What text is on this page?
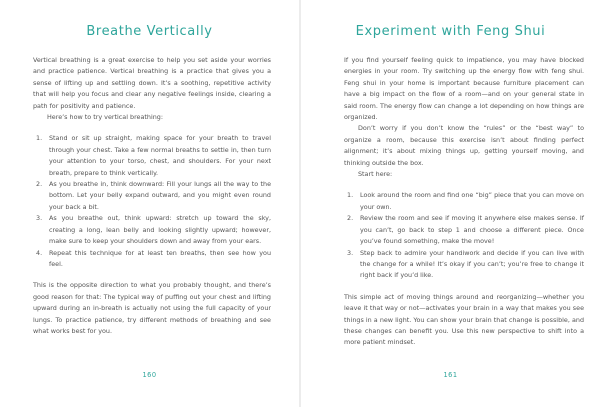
Breathe Vertically

Vertical breathing is a great exercise to help you set aside your worries and practice patience. Vertical breathing is a practice that gives you a sense of lifting up and settling down. It’s a soothing, repetitive activity that will help you focus and clear any negative feelings inside, clearing a path for positivity and patience.

Here’s how to try vertical breathing:

1. Stand or sit up straight, making space for your breath to travel through your chest. Take a few normal breaths to settle in, then turn your attention to your torso, chest, and shoulders. For your next breath, prepare to think vertically.
2. As you breathe in, think downward: Fill your lungs all the way to the bottom. Let your belly expand outward, and you might even round your back a bit.
3. As you breathe out, think upward: stretch up toward the sky, creating a long, lean belly and looking slightly upward; however, make sure to keep your shoulders down and away from your ears.
4. Repeat this technique for at least ten breaths, then see how you feel.

This is the opposite direction to what you probably thought, and there’s good reason for that: The typical way of puffing out your chest and lifting upward during an in-breath is actually not using the full capacity of your lungs. To practice patience, try different methods of breathing and see what works best for you.

160
Experiment with Feng Shui

If you find yourself feeling quick to impatience, you may have blocked energies in your room. Try switching up the energy flow with feng shui. Feng shui in your home is important because furniture placement can have a big impact on the flow of a room—and on your general state in said room. The energy flow can change a lot depending on how things are organized.

Don’t worry if you don’t know the “rules” or the “best way” to organize a room, because this exercise isn’t about finding perfect alignment; it’s about mixing things up, getting yourself moving, and thinking outside the box.

Start here:

1. Look around the room and find one “big” piece that you can move on your own.
2. Review the room and see if moving it anywhere else makes sense. If you can’t, go back to step 1 and choose a different piece. Once you’ve found something, make the move!
3. Step back to admire your handiwork and decide if you can live with the change for a while! It’s okay if you can’t; you’re free to change it right back if you’d like.

This simple act of moving things around and reorganizing—whether you leave it that way or not—activates your brain in a way that makes you see things in a new light. You can show your brain that change is possible, and these changes can benefit you. Use this new perspective to shift into a more patient mindset.

161
